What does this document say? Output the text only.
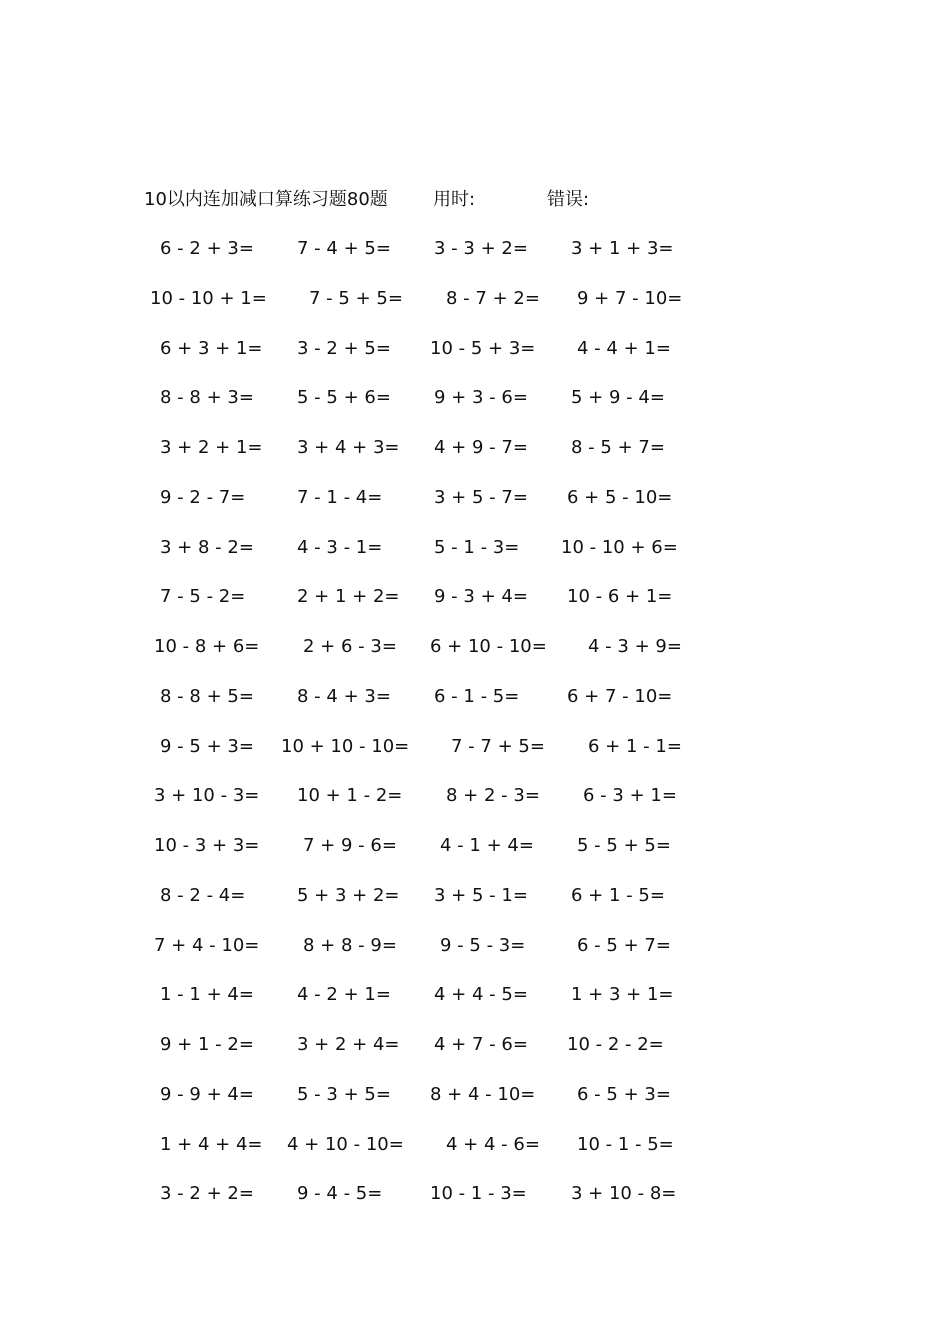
10以内连加减口算练习题80题	用时:	错误:
6 - 2 + 3= 7 - 4 + 5= 3 - 3 + 2= 3 + 1 + 3=
10 - 10 + 1= 7 - 5 + 5= 8 - 7 + 2= 9 + 7 - 10=
6 + 3 + 1= 3 - 2 + 5= 10 - 5 + 3= 4 - 4 + 1=
8 - 8 + 3= 5 - 5 + 6= 9 + 3 - 6= 5 + 9 - 4=
3 + 2 + 1= 3 + 4 + 3= 4 + 9 - 7= 8 - 5 + 7=
9 - 2 - 7=	7 - 1 - 4=	3 + 5 - 7= 6 + 5 - 10=
3 + 8 - 2= 4 - 3 - 1=	5 - 1 - 3= 10 - 10 + 6=
7 - 5 - 2=	2 + 1 + 2= 9 - 3 + 4= 10 - 6 + 1=
10 - 8 + 6= 2 + 6 - 3= 6 + 10 - 10= 4 - 3 + 9=
8 - 8 + 5= 8 - 4 + 3= 6 - 1 - 5=	6 + 7 - 10=
9 - 5 + 3= 10 + 10 - 10= 7 - 7 + 5= 6 + 1 - 1=
3 + 10 - 3= 10 + 1 - 2= 8 + 2 - 3= 6 - 3 + 1=
10 - 3 + 3= 7 + 9 - 6= 4 - 1 + 4= 5 - 5 + 5=
8 - 2 - 4=	5 + 3 + 2= 3 + 5 - 1= 6 + 1 - 5=
7 + 4 - 10= 8 + 8 - 9= 9 - 5 - 3=	6 - 5 + 7=
1 - 1 + 4= 4 - 2 + 1= 4 + 4 - 5= 1 + 3 + 1=
9 + 1 - 2= 3 + 2 + 4= 4 + 7 - 6= 10 - 2 - 2=
9 - 9 + 4= 5 - 3 + 5= 8 + 4 - 10= 6 - 5 + 3=
1 + 4 + 4= 4 + 10 - 10= 4 + 4 - 6= 10 - 1 - 5=
3 - 2 + 2= 9 - 4 - 5=	10 - 1 - 3= 3 + 10 - 8=
